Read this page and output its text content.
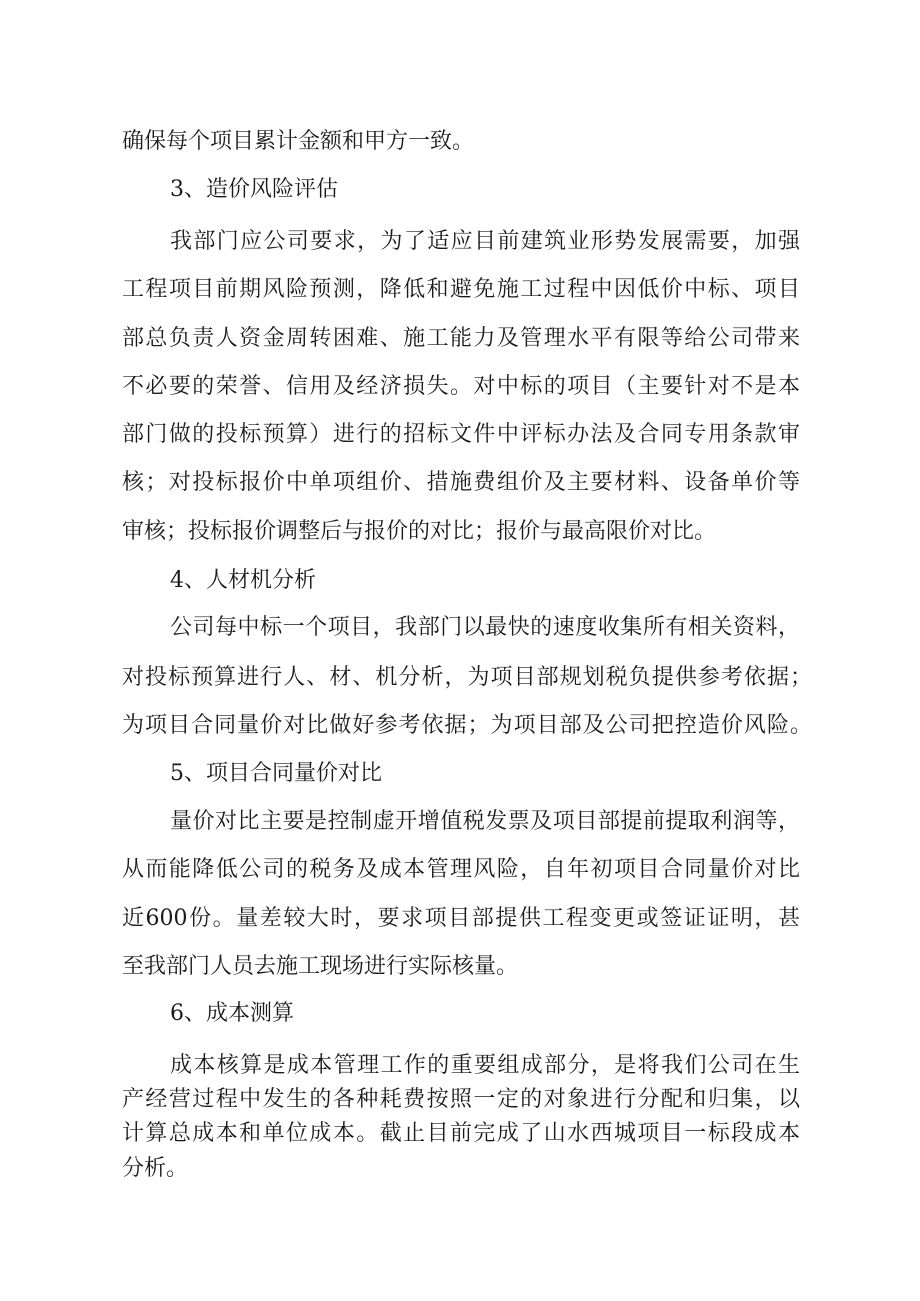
确保每个项目累计金额和甲方一致。
3、造价风险评估
我部门应公司要求，为了适应目前建筑业形势发展需要，加强
工程项目前期风险预测，降低和避免施工过程中因低价中标、项目
部总负责人资金周转困难、施工能力及管理水平有限等给公司带来
不必要的荣誉、信用及经济损失。对中标的项目（主要针对不是本
部门做的投标预算）进行的招标文件中评标办法及合同专用条款审
核；对投标报价中单项组价、措施费组价及主要材料、设备单价等
审核；投标报价调整后与报价的对比；报价与最高限价对比。
4、人材机分析
公司每中标一个项目，我部门以最快的速度收集所有相关资料，
对投标预算进行人、材、机分析，为项目部规划税负提供参考依据；
为项目合同量价对比做好参考依据；为项目部及公司把控造价风险。
5、项目合同量价对比
量价对比主要是控制虚开增值税发票及项目部提前提取利润等，
从而能降低公司的税务及成本管理风险，自年初项目合同量价对比
近600份。量差较大时，要求项目部提供工程变更或签证证明，甚
至我部门人员去施工现场进行实际核量。
6、成本测算
成本核算是成本管理工作的重要组成部分，是将我们公司在生
产经营过程中发生的各种耗费按照一定的对象进行分配和归集，以
计算总成本和单位成本。截止目前完成了山水西城项目一标段成本
分析。
